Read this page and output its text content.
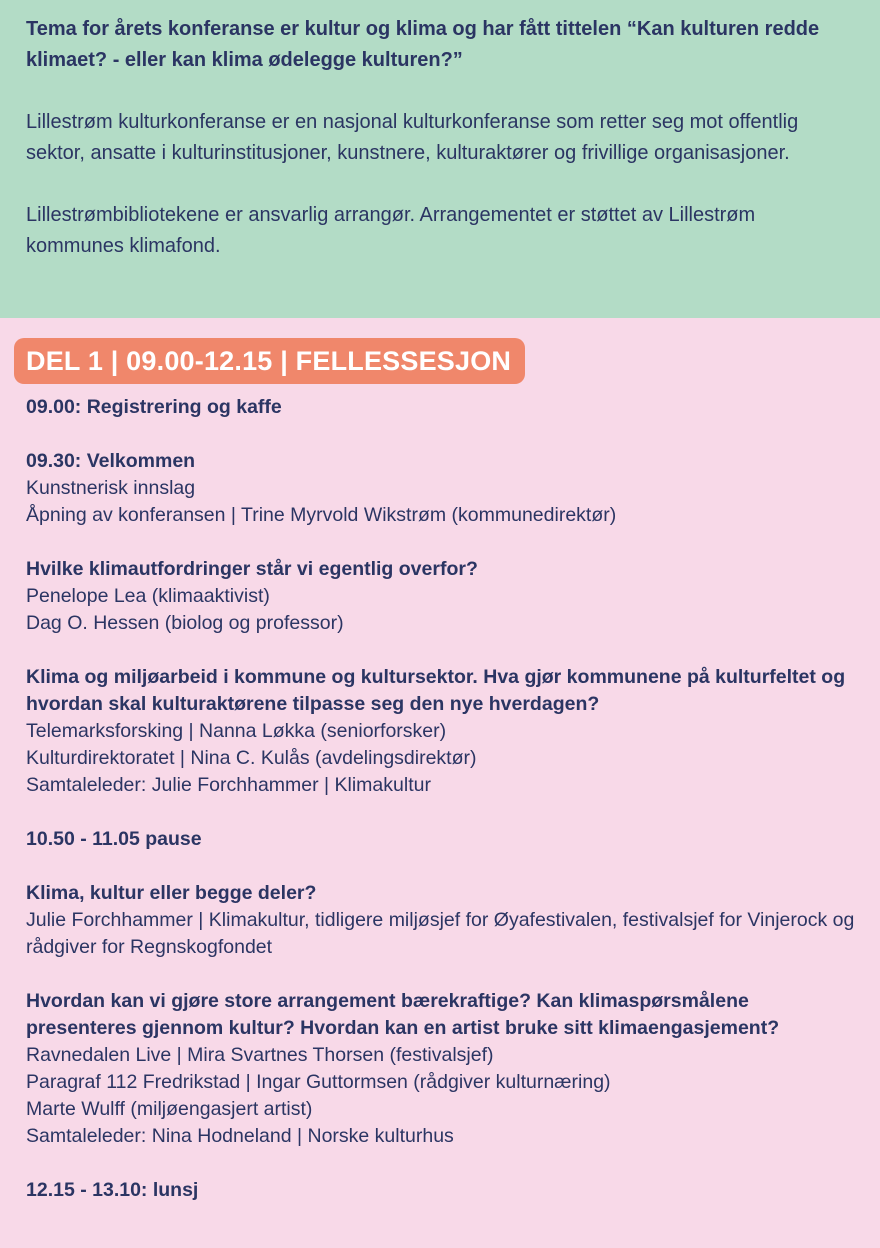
Tema for årets konferanse er kultur og klima og har fått tittelen “Kan kulturen redde klimaet? - eller kan klima ødelegge kulturen?”

Lillestrøm kulturkonferanse er en nasjonal kulturkonferanse som retter seg mot offentlig sektor, ansatte i kulturinstitusjoner, kunstnere, kulturaktører og frivillige organisasjoner.

Lillestrømbibliotekene er ansvarlig arrangør. Arrangementet er støttet av Lillestrøm kommunes klimafond.

DEL 1 | 09.00-12.15 | FELLESSESJON
09.00: Registrering og kaffe
09.30: Velkommen
Kunstnerisk innslag
Åpning av konferansen | Trine Myrvold Wikstrøm (kommunedirektør)
Hvilke klimautfordringer står vi egentlig overfor?
Penelope Lea (klimaaktivist)
Dag O. Hessen (biolog og professor)
Klima og miljøarbeid i kommune og kultursektor. Hva gjør kommunene på kulturfeltet og hvordan skal kulturaktørene tilpasse seg den nye hverdagen?
Telemarksforsking | Nanna Løkka (seniorforsker)
Kulturdirektoratet | Nina C. Kulås (avdelingsdirektør)
Samtaleleder: Julie Forchhammer | Klimakultur
10.50 - 11.05 pause
Klima, kultur eller begge deler?
Julie Forchhammer | Klimakultur, tidligere miljøsjef for Øyafestivalen, festivalsjef for Vinjerock og rådgiver for Regnskogfondet
Hvordan kan vi gjøre store arrangement bærekraftige? Kan klimaspørsmålene presenteres gjennom kultur? Hvordan kan en artist bruke sitt klimaengasjement?
Ravnedalen Live | Mira Svartnes Thorsen (festivalsjef)
Paragraf 112 Fredrikstad | Ingar Guttormsen (rådgiver kulturnæring)
Marte Wulff (miljøengasjert artist)
Samtaleleder: Nina Hodneland | Norske kulturhus
12.15 - 13.10: lunsj
